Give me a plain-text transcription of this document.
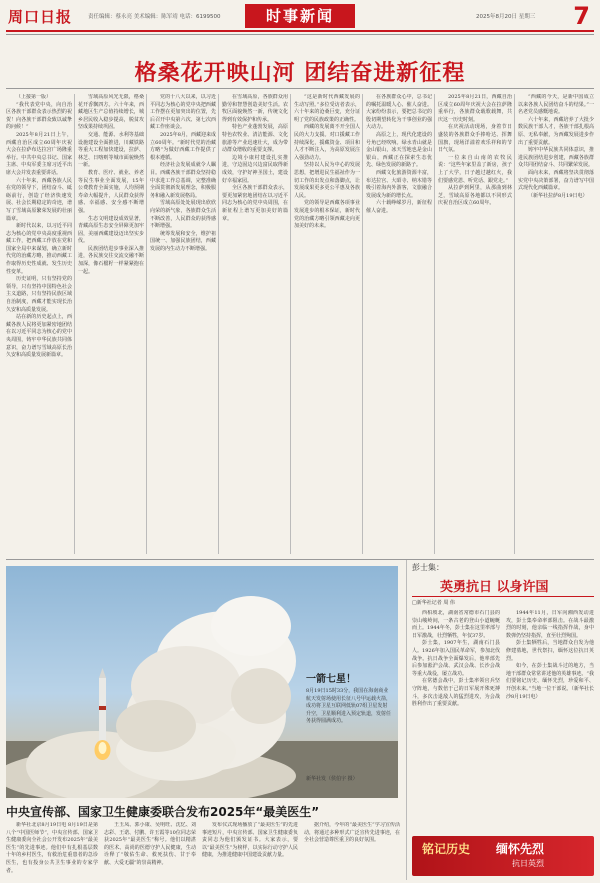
周口日报	责任编辑：蔡永亮 美术编辑：陈军靖 电话：6199500	时事新闻	2025年8月20日 星期三 7
格桑花开映山河 团结奋进新征程

（上接第一版）

“我代表党中央，向自治区各族干部群众表示热烈的祝贺！向各族干部群众致以诚挚的问候！”

2025年8月21日上午，西藏自治区成立60周年庆祝大会在拉萨布达拉宫广场隆重举行。中共中央总书记、国家主席、中央军委主席习近平出席大会并发表重要讲话。

六十年来，西藏各族人民在党的领导下，团结奋斗、砥砺前行，创造了经济快速发展、社会长期稳定的奇迹，谱写了雪域高原繁荣发展的壮丽篇章。

新时代以来，以习近平同志为核心的党中央高度重视西藏工作，把西藏工作放在党和国家全局中来谋划，确立新时代党的治藏方略，推动西藏工作取得历史性成就、发生历史性变革。

历史证明，只有坚持党的领导，只有坚持中国特色社会主义道路，只有坚持民族区域自治制度，西藏才能实现长治久安和高质量发展。

站在新的历史起点上，西藏各族人民将更加紧密地团结在以习近平同志为核心的党中央周围，铸牢中华民族共同体意识，奋力谱写雪域高原长治久安和高质量发展新篇章。

雪域高原风光无限，格桑花开香飘四方。六十年来，西藏地区生产总值持续增长，城乡居民收入稳步提高，脱贫攻坚成果持续巩固。

交通、能源、水利等基础设施建设全面推进，川藏铁路等重大工程加快建设，拉萨、林芝、日喀则等城市面貌焕然一新。

教育、医疗、就业、养老等民生事业全面发展，15年公费教育全面实施，人均预期寿命大幅提升，人民群众获得感、幸福感、安全感不断增强。

生态文明建设成效显著，青藏高原生态安全屏障更加牢固，美丽西藏建设迈出坚实步伐。

民族团结进步事业深入推进，各民族交往交流交融不断加深，像石榴籽一样紧紧抱在一起。

党的十八大以来，以习近平同志为核心的党中央把西藏工作摆在更加突出的位置，先后召开中央第六次、第七次西藏工作座谈会。

2025年8月，西藏迎来成立60周年。“新时代党的治藏方略”为做好西藏工作提供了根本遵循。

经济社会发展成就令人瞩目。西藏各族干部群众坚持稳中求进工作总基调，完整准确全面贯彻新发展理念，积极服务和融入新发展格局。

雪域高原处处展现出欣欣向荣的新气象，各族群众生活不断改善，人民群众的获得感不断增强。

统筹发展和安全，维护祖国统一、加强民族团结，西藏发展的内生动力不断增强。

在雪域高原，各族群众用勤劳和智慧创造美好生活。农牧区面貌焕然一新，传统文化得到有效保护和传承。

特色产业蓬勃发展，高原特色农牧业、清洁能源、文化旅游等产业迅速壮大，成为带动群众增收的重要支撑。

边境小康村建设扎实推进，守边固边兴边富民取得新成效，守护好神圣国土，建设好幸福家园。

全区各族干部群众表示，要更加紧密地团结在以习近平同志为核心的党中央周围，在新征程上谱写更加美好的篇章。

“这是新时代西藏发展的生动写照。”多位受访者表示，六十年来的沧桑巨变，充分证明了党的民族政策的正确性。

西藏的发展离不开全国人民的大力支援。对口援藏工作持续深化，援藏资金、项目和人才不断注入，为高原发展注入强劲动力。

坚持以人民为中心的发展思想，把增进民生福祉作为一切工作的出发点和落脚点，让发展成果更多更公平惠及各族人民。

党的领导是西藏各项事业发展进步的根本保证，新时代党的治藏方略引领西藏走向更加美好的未来。

在各族群众心中，总书记的嘱托温暖人心、催人奋进。大家纷纷表示，要把总书记的殷切期望转化为干事创业的强大动力。

高原之上，现代化建设的号角已经吹响。绿水青山就是金山银山，冰天雪地也是金山银山，西藏正在探索生态优先、绿色发展的新路子。

西藏文化旅游资源丰富，布达拉宫、大昭寺、纳木错等吸引着海内外游客，文旅融合发展成为新的增长点。

六十载峥嵘岁月，新征程催人奋进。

2025年8月21日，西藏自治区成立60周年庆祝大会在拉萨隆重举行，各族群众载歌载舞，共庆这一历史时刻。

在庆祝活动现场，身着节日盛装的各族群众手捧哈达、挥舞国旗，现场洋溢着欢乐祥和的节日气氛。

一位来自山南的农牧民说：“这些年家里盖了新房，孩子上了大学，日子越过越红火，我们要感党恩、听党话、跟党走。”

从拉萨到阿里，从那曲到林芝，雪域高原各地都以不同形式庆祝自治区成立60周年。

“西藏的今天，是新中国成立以来各族人民团结奋斗的结果。”一名老党员感慨地说。

六十年来，西藏培养了大批少数民族干部人才，各族干部扎根高原、无私奉献，为西藏发展进步作出了重要贡献。

铸牢中华民族共同体意识，推进民族团结进步创建，西藏各族群众共同团结奋斗、共同繁荣发展。

面向未来，西藏将坚决贯彻落实党中央决策部署，奋力谱写中国式现代化西藏篇章。

（新华社拉萨8月19日电）

一箭七星！
8月19日15时33分，我国在海南商业航天发射场使用长征八号甲运载火箭，成功将卫星互联网低轨07组卫星发射升空，卫星顺利进入预定轨道，发射任务获得圆满成功。
新华社发（侯伯宇 摄）
中央宣传部、国家卫生健康委联合发布2025年“最美医生”

新华社北京8月19日电 8月19日是第八个“中国医师节”，中央宣传部、国家卫生健康委向全社会公开发布2025年“最美医生”的先进事迹。他们中有扎根基层数十年的乡村医生，有救治危重患者的急诊医生，也有投身公共卫生事业的专家学者。

王玉凤、郭小康、吴明旺、沈忆、刘志彩、王诺、付鹏、许玉霞等10位同志荣获2025年“最美医生”称号。他们以精湛的医术、高尚的医德守护人民健康，生动诠释了“敬佑生命、救死扶伤、甘于奉献、大爱无疆”的崇高精神。

发布仪式现场播放了“最美医生”的先进事迹短片，中央宣传部、国家卫生健康委负责同志为他们颁发证书。大家表示，要以“最美医生”为榜样，以实际行动守护人民健康，为推进健康中国建设贡献力量。

据介绍，今年的“最美医生”学习宣传活动，将通过多种形式广泛宣传先进事迹，在全社会营造尊医重卫的良好氛围。

彭士集：
英勇抗日 以身许国
□新华社记者 周 伟

西柏坡北，湖南省常德市石门县的崇山峻岭间，一条古老的登山小道蜿蜒而上。1944年冬，彭士集在这里率部与日军激战，壮烈牺牲，年仅37岁。

彭士集，1907年生，湖南石门县人。1926年加入国民革命军，参加北伐战争。抗日战争全面爆发后，他率部先后参加淞沪会战、武汉会战、长沙会战等重大战役，屡立战功。

在常德会战中，彭士集率领官兵坚守阵地，与数倍于己的日军展开殊死搏斗，多次击退敌人的猛烈进攻，为会战胜利作出了重要贡献。

1944年11月，日军向湘西发动进攻，彭士集奉命率部阻击。在战斗最激烈的时刻，他亲临一线指挥作战，身中数弹仍坚持指挥，直至壮烈殉国。

彭士集牺牲后，当地群众自发为他修建墓地，世代祭扫，缅怀这位抗日英烈。

如今，在彭士集战斗过的地方，当地干部群众常常讲述他的英雄事迹。“我们要铭记历史、缅怀先烈，珍爱和平、开创未来。”当地一位干部说。（新华社长沙8月19日电）

铭记历史 缅怀先烈
抗日英烈
